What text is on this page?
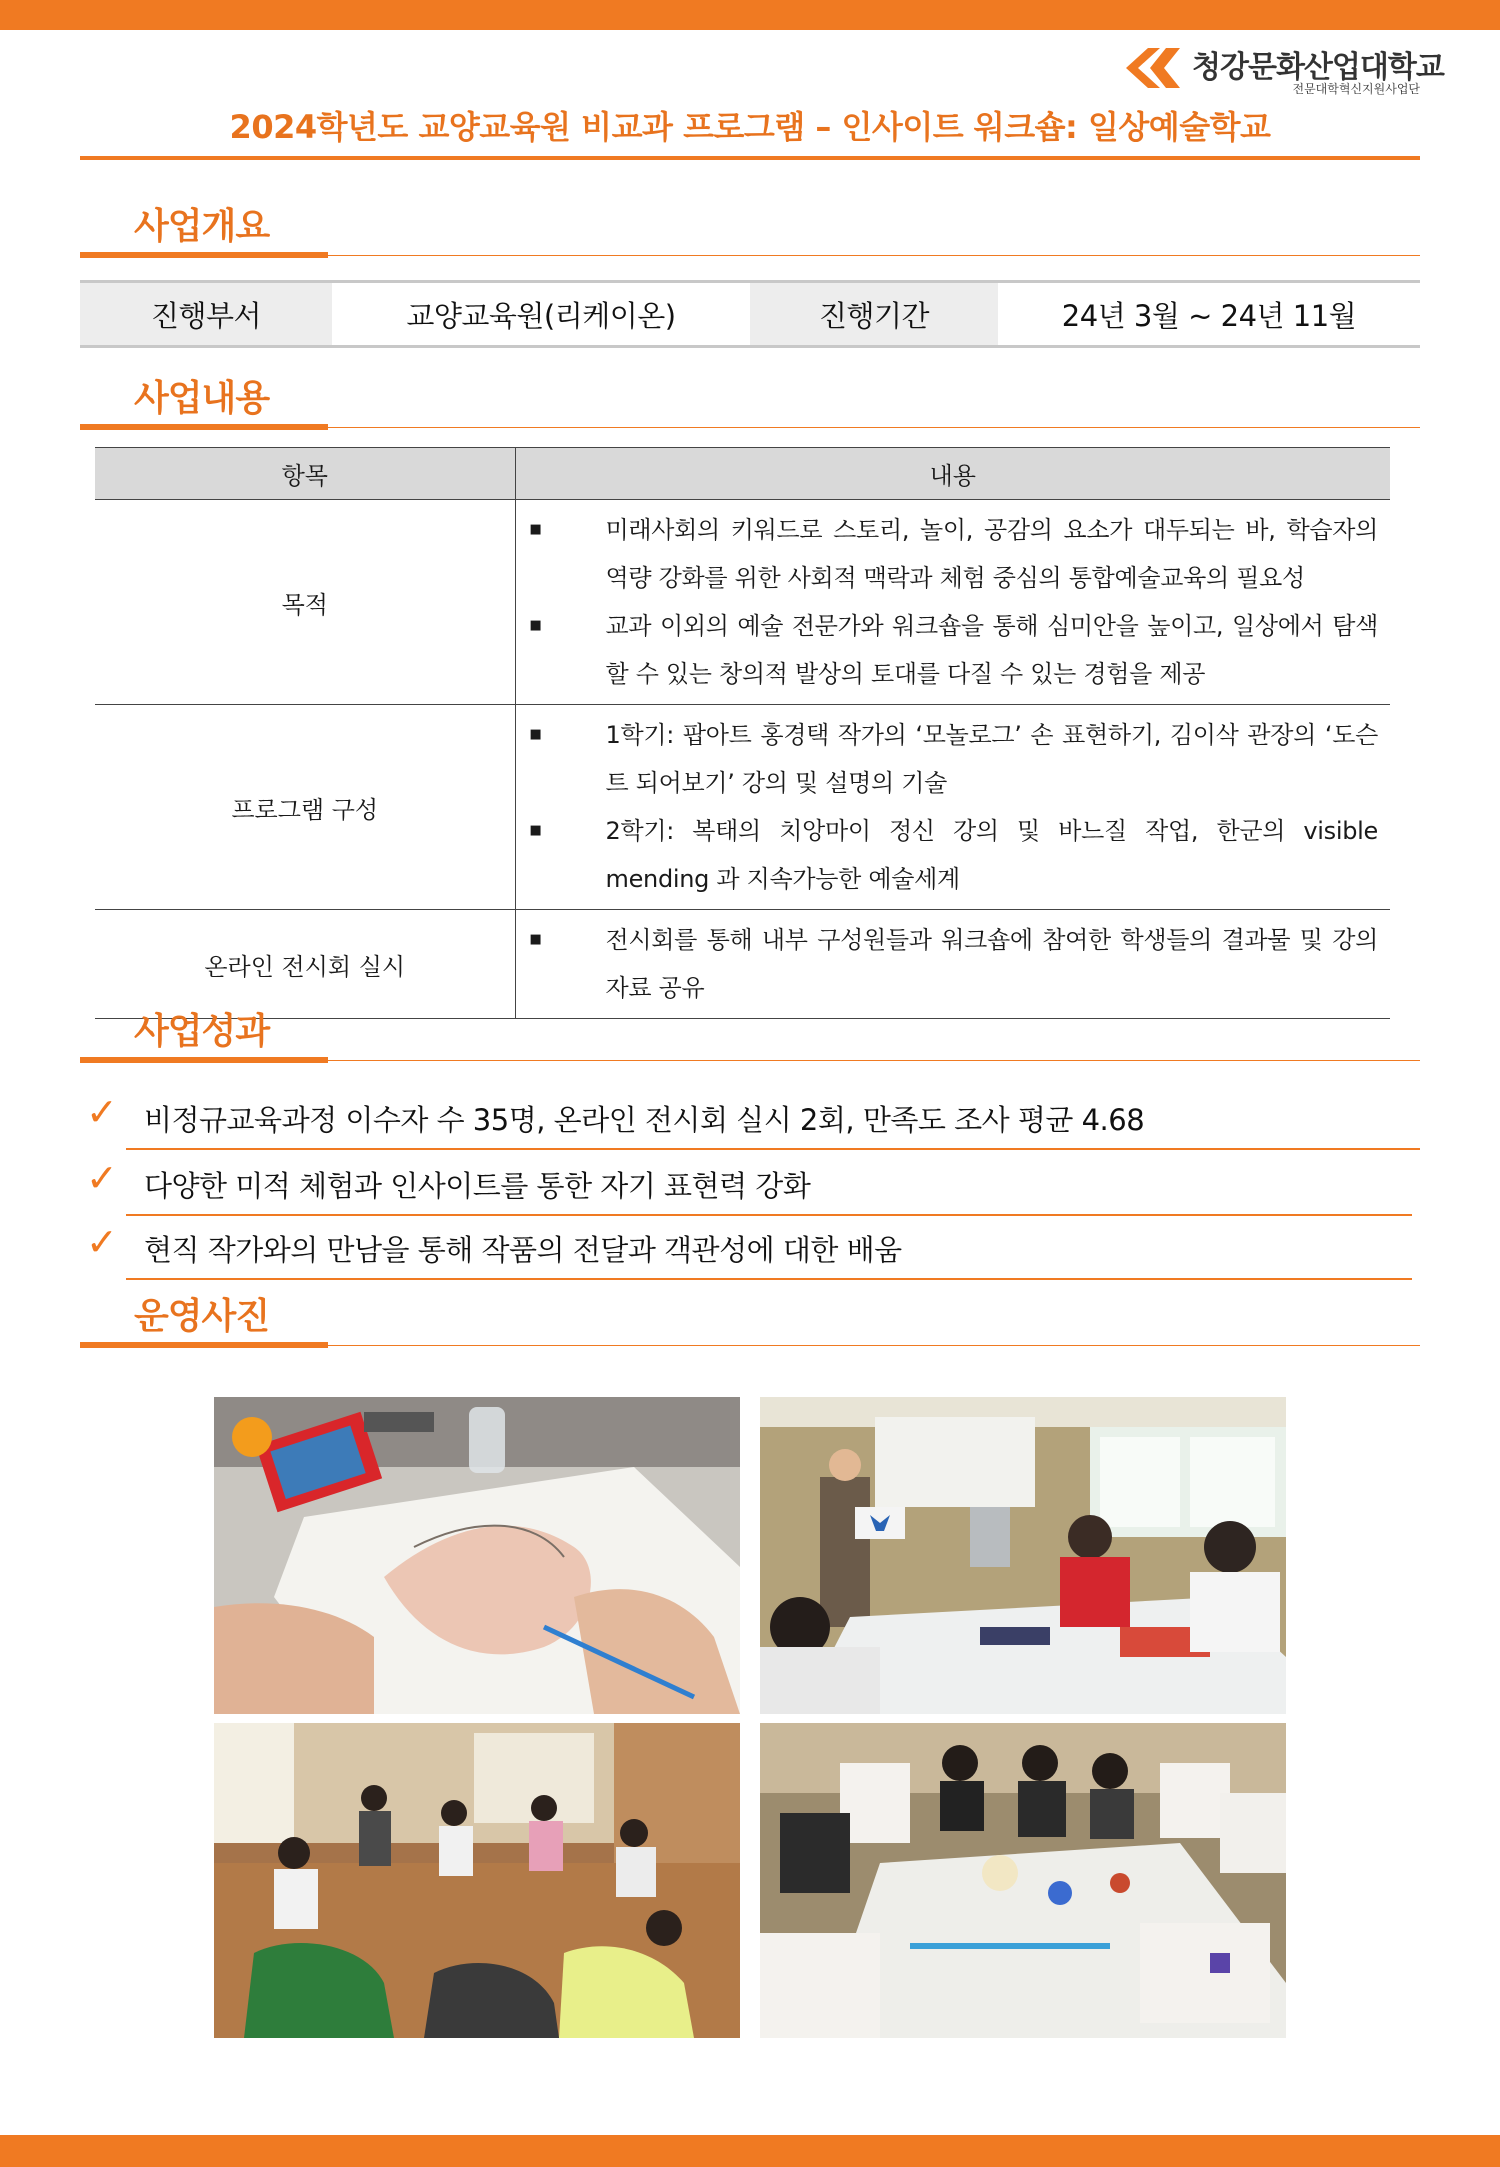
청강문화산업대학교
전문대학혁신지원사업단
2024학년도 교양교육원 비교과 프로그램 – 인사이트 워크숍: 일상예술학교
사업개요
진행부서	교양교육원(리케이온)	진행기간	24년 3월 ~ 24년 11월
사업내용
항목	내용
목적	■ 미래사회의 키워드로 스토리, 놀이, 공감의 요소가 대두되는 바, 학습자의 역량 강화를 위한 사회적 맥락과 체험 중심의 통합예술교육의 필요성
■ 교과 이외의 예술 전문가와 워크숍을 통해 심미안을 높이고, 일상에서 탐색할 수 있는 창의적 발상의 토대를 다질 수 있는 경험을 제공

프로그램 구성	■ 1학기: 팝아트 홍경택 작가의 ‘모놀로그’ 손 표현하기, 김이삭 관장의 ‘도슨트 되어보기’ 강의 및 설명의 기술
■ 2학기: 복태의 치앙마이 정신 강의 및 바느질 작업, 한군의 visible mending 과 지속가능한 예술세계

온라인 전시회 실시	■ 전시회를 통해 내부 구성원들과 워크숍에 참여한 학생들의 결과물 및 강의 자료 공유
사업성과
✓ 비정규교육과정 이수자 수 35명, 온라인 전시회 실시 2회, 만족도 조사 평균 4.68
✓ 다양한 미적 체험과 인사이트를 통한 자기 표현력 강화
✓ 현직 작가와의 만남을 통해 작품의 전달과 객관성에 대한 배움
운영사진
